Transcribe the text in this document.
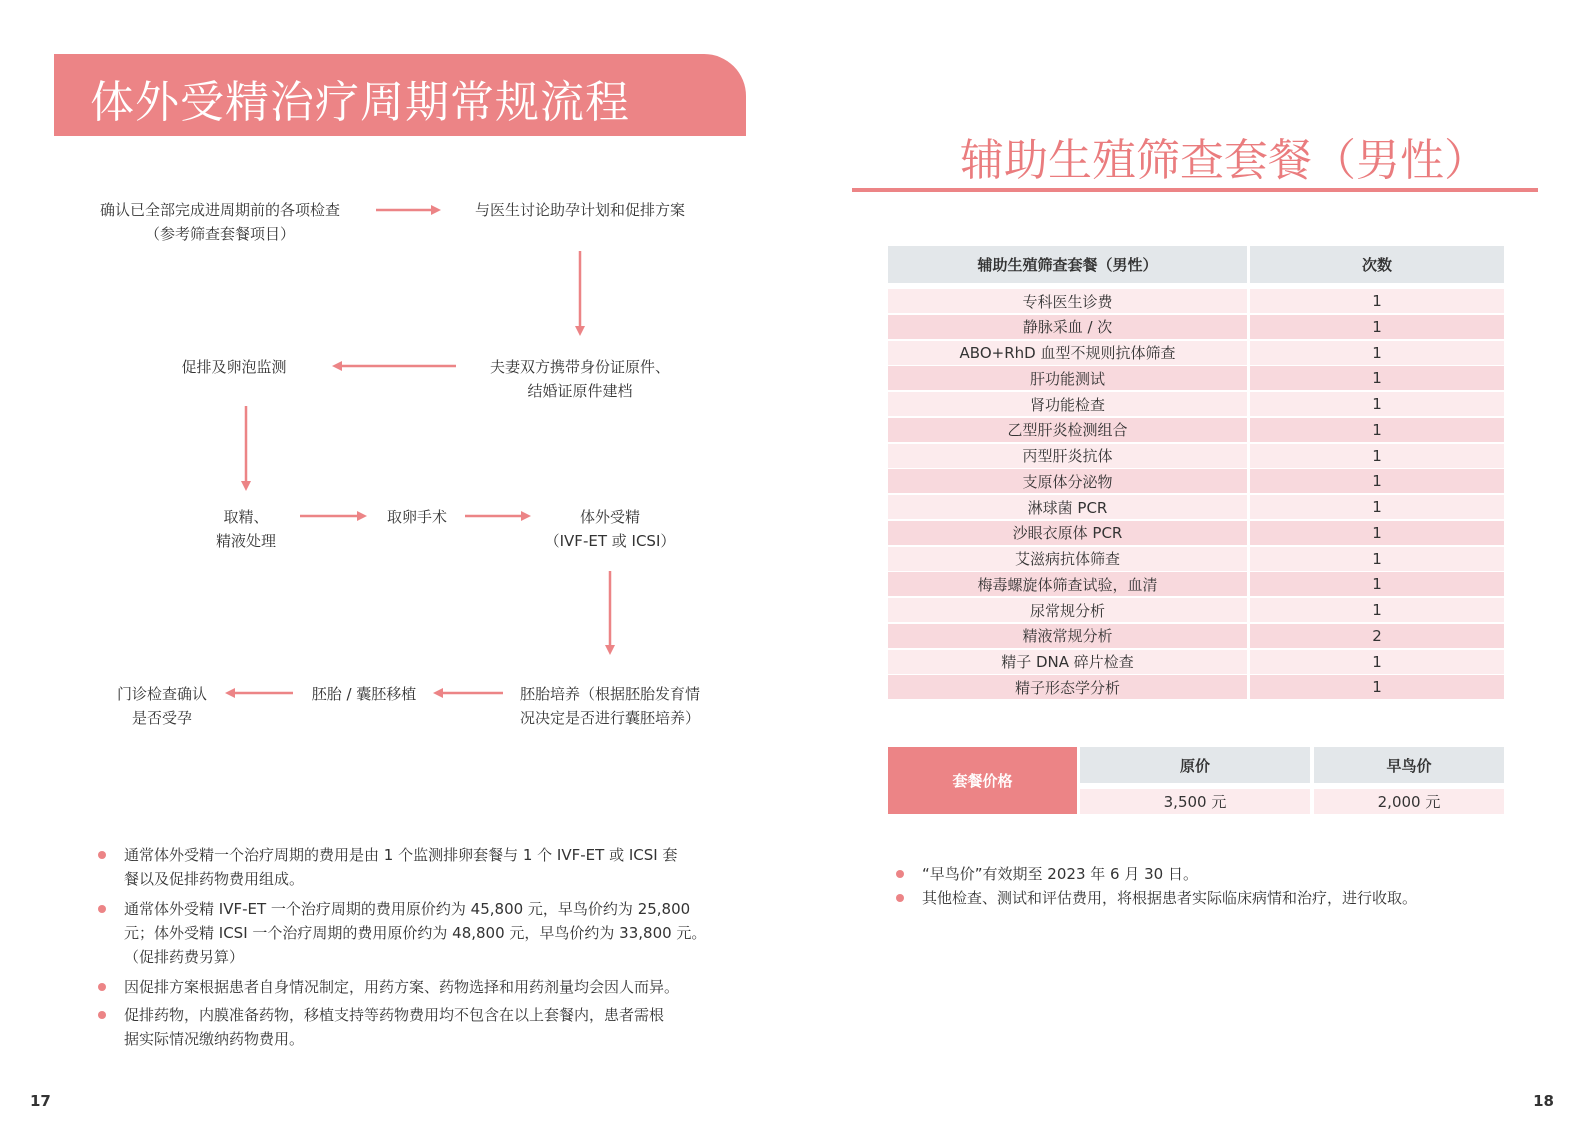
体外受精治疗周期常规流程
确认已全部完成进周期前的各项检查
（参考筛查套餐项目）
与医生讨论助孕计划和促排方案
夫妻双方携带身份证原件、
结婚证原件建档
促排及卵泡监测
取精、
精液处理
取卵手术	体外受精
（IVF-ET 或 ICSI）
胚胎培养（根据胚胎发育情
况决定是否进行囊胚培养）
胚胎 / 囊胚移植
门诊检查确认
是否受孕
通常体外受精一个治疗周期的费用是由 1 个监测排卵套餐与 1 个 IVF-ET 或 ICSI 套
餐以及促排药物费用组成。
通常体外受精 IVF-ET 一个治疗周期的费用原价约为 45,800 元，早鸟价约为 25,800
元；体外受精 ICSI 一个治疗周期的费用原价约为 48,800 元，早鸟价约为 33,800 元。
（促排药费另算）
因促排方案根据患者自身情况制定，用药方案、药物选择和用药剂量均会因人而异。
促排药物，内膜准备药物，移植支持等药物费用均不包含在以上套餐内，患者需根
据实际情况缴纳药物费用。
17
辅助生殖筛查套餐（男性）
辅助生殖筛查套餐（男性）	次数
专科医生诊费	1
静脉采血 / 次	1
ABO+RhD 血型不规则抗体筛查	1
肝功能测试	1
肾功能检查	1
乙型肝炎检测组合	1
丙型肝炎抗体	1
支原体分泌物	1
淋球菌 PCR	1
沙眼衣原体 PCR	1
艾滋病抗体筛查	1
梅毒螺旋体筛查试验，血清	1
尿常规分析	1
精液常规分析	2
精子 DNA 碎片检查	1
精子形态学分析	1
套餐价格
原价	早鸟价
3,500 元	2,000 元
“早鸟价”有效期至 2023 年 6 月 30 日。
其他检查、测试和评估费用，将根据患者实际临床病情和治疗，进行收取。
18
